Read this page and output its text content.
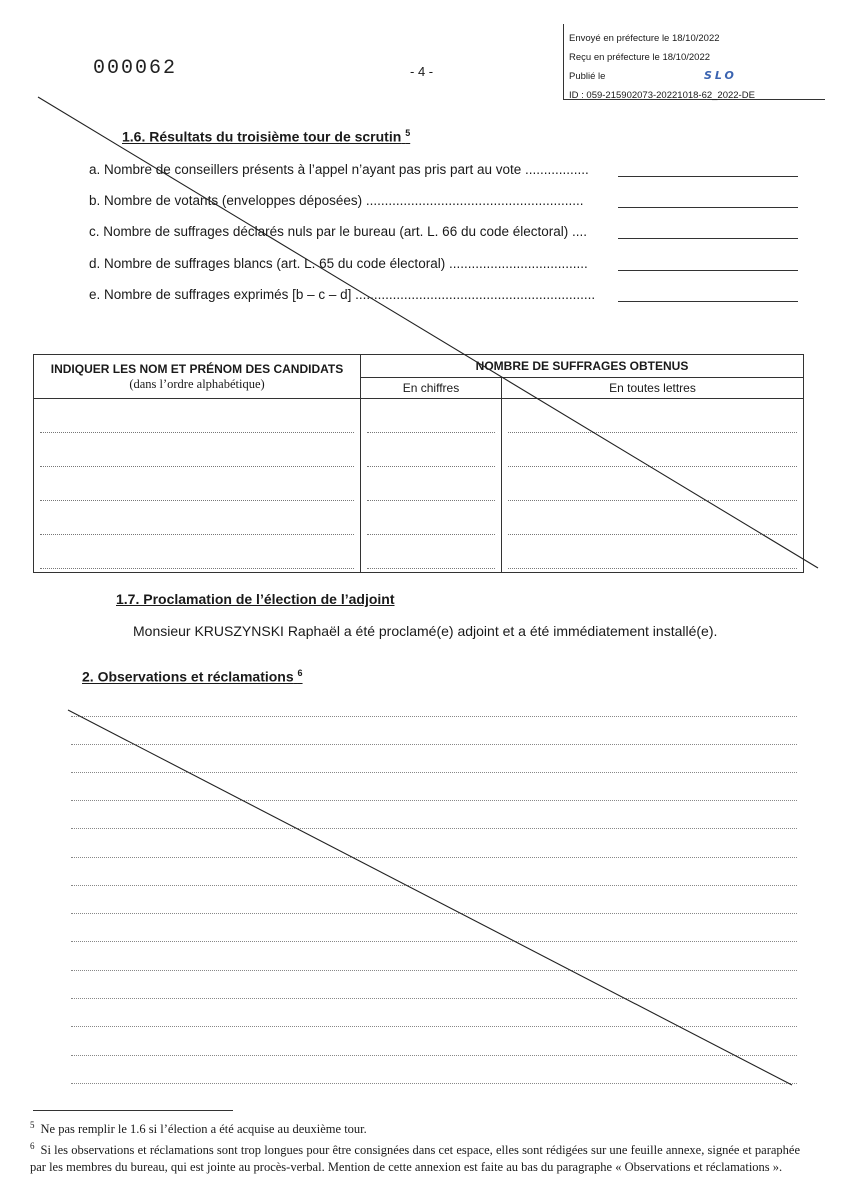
Envoyé en préfecture le 18/10/2022
Reçu en préfecture le 18/10/2022
Publié le
ID : 059-215902073-20221018-62_2022-DE
SLO
000062	- 4 -
1.6. Résultats du troisième tour de scrutin $^5$
a. Nombre de conseillers présents à l’appel n’ayant pas pris part au vote .................
b. Nombre de votants (enveloppes déposées) ..........................................................
c. Nombre de suffrages déclarés nuls par le bureau (art. L. 66 du code électoral) ....
d. Nombre de suffrages blancs (art. L. 65 du code électoral) .....................................
e. Nombre de suffrages exprimés [b – c – d] ................................................................
INDIQUER LES NOM ET PRÉNOM DES CANDIDATS
(dans l’ordre alphabétique)	NOMBRE DE SUFFRAGES OBTENUS	
	En chiffres	En toutes lettres

1.7. Proclamation de l’élection de l’adjoint
Monsieur KRUSZYNSKI Raphaël a été proclamé(e) adjoint et a été immédiatement installé(e).
2. Observations et réclamations $^6$

$^5$ Ne pas remplir le 1.6 si l’élection a été acquise au deuxième tour.

$^6$ Si les observations et réclamations sont trop longues pour être consignées dans cet espace, elles sont rédigées sur une feuille annexe, signée et paraphée par les membres du bureau, qui est jointe au procès-verbal. Mention de cette annexion est faite au bas du paragraphe « Observations et réclamations ».
